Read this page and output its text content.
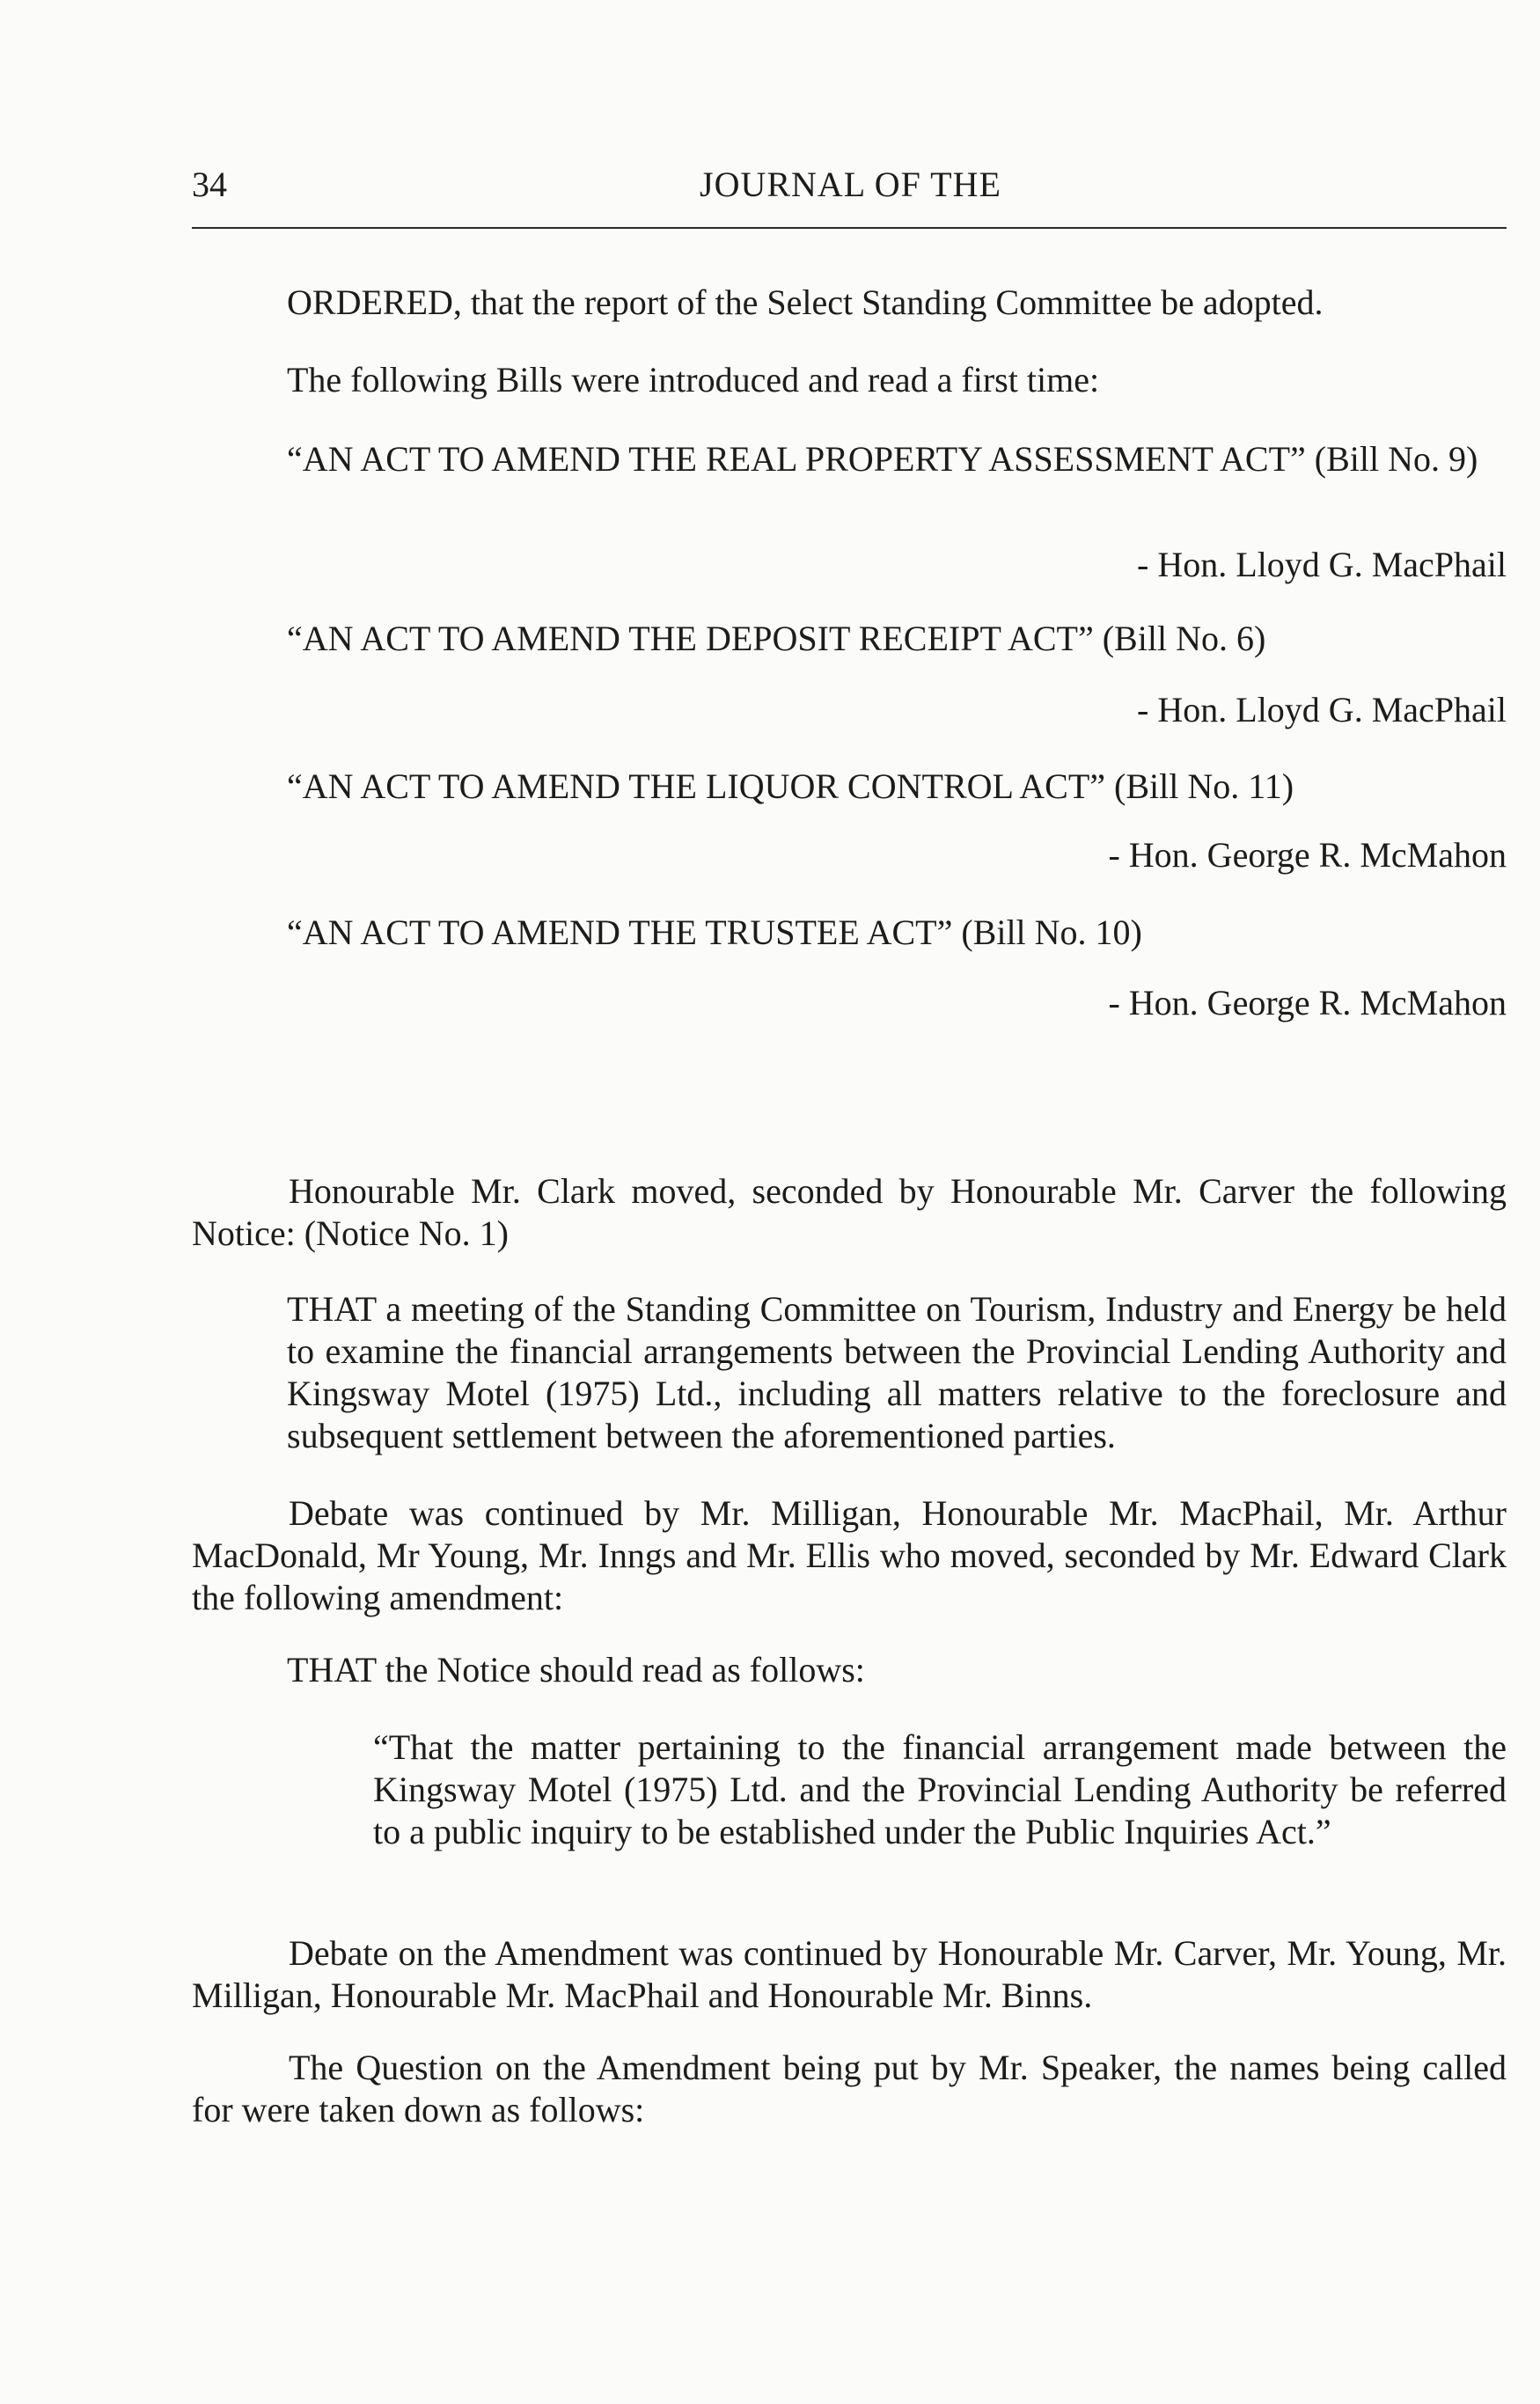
34	JOURNAL OF THE

ORDERED, that the report of the Select Standing Committee be adopted.

The following Bills were introduced and read a first time:

“AN ACT TO AMEND THE REAL PROPERTY ASSESSMENT ACT” (Bill No. 9)

- Hon. Lloyd G. MacPhail

“AN ACT TO AMEND THE DEPOSIT RECEIPT ACT” (Bill No. 6)

- Hon. Lloyd G. MacPhail

“AN ACT TO AMEND THE LIQUOR CONTROL ACT” (Bill No. 11)

- Hon. George R. McMahon

“AN ACT TO AMEND THE TRUSTEE ACT” (Bill No. 10)

- Hon. George R. McMahon

Honourable Mr. Clark moved, seconded by Honourable Mr. Carver the following Notice: (Notice No. 1)

THAT a meeting of the Standing Committee on Tourism, Industry and Energy be held to examine the financial arrangements between the Provincial Lending Authority and Kingsway Motel (1975) Ltd., including all matters relative to the foreclosure and subsequent settlement between the aforementioned parties.

Debate was continued by Mr. Milligan, Honourable Mr. MacPhail, Mr. Arthur MacDonald, Mr Young, Mr. Inngs and Mr. Ellis who moved, seconded by Mr. Edward Clark the following amendment:

THAT the Notice should read as follows:

“That the matter pertaining to the financial arrangement made between the Kingsway Motel (1975) Ltd. and the Provincial Lending Authority be referred to a public inquiry to be established under the Public Inquiries Act.”

Debate on the Amendment was continued by Honourable Mr. Carver, Mr. Young, Mr. Milligan, Honourable Mr. MacPhail and Honourable Mr. Binns.

The Question on the Amendment being put by Mr. Speaker, the names being called for were taken down as follows:
